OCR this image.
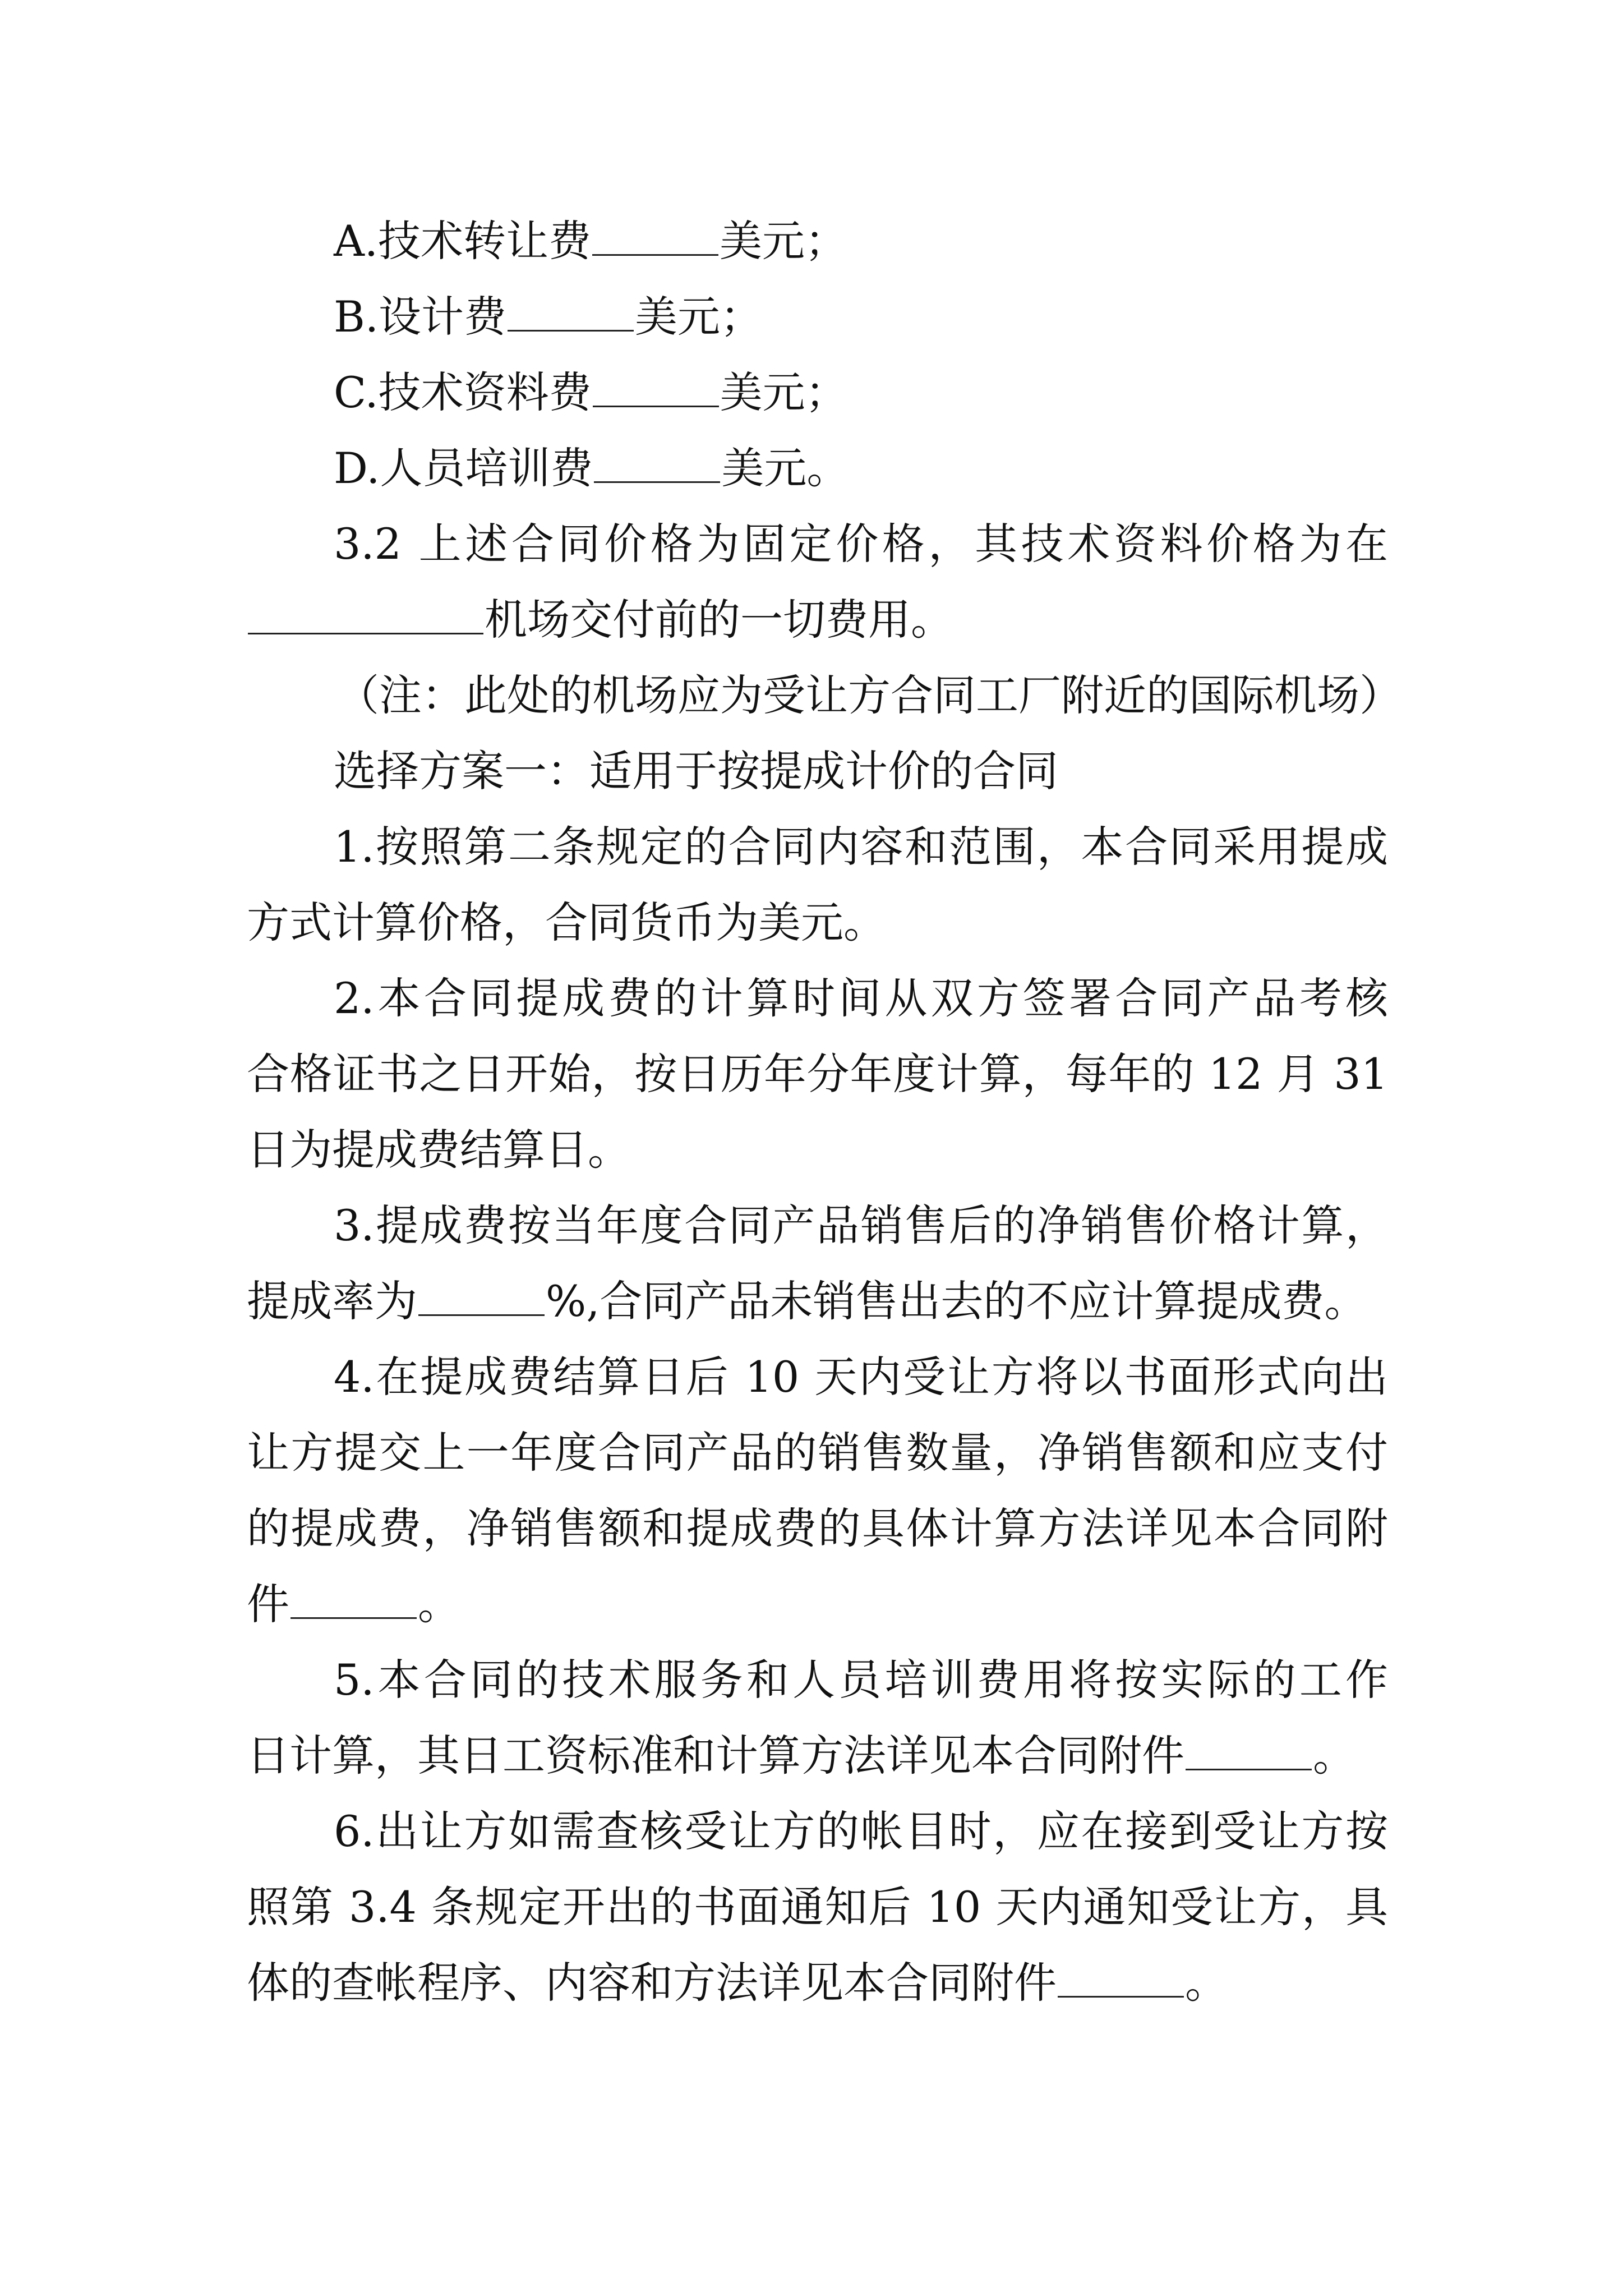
A.技术转让费	美元；

B.设计费	美元；

C.技术资料费	美元；

D.人员培训费	美元。

3.2 上述合同价格为固定价格，其技术资料价格为在

机场交付前的一切费用。

（注：此处的机场应为受让方合同工厂附近的国际机场）

选择方案一：适用于按提成计价的合同

1.按照第二条规定的合同内容和范围，本合同采用提成

方式计算价格，合同货币为美元。

2.本合同提成费的计算时间从双方签署合同产品考核

合格证书之日开始，按日历年分年度计算，每年的 12 月 31

日为提成费结算日。

3.提成费按当年度合同产品销售后的净销售价格计算，

提成率为	%,合同产品未销售出去的不应计算提成费。

4.在提成费结算日后 10 天内受让方将以书面形式向出

让方提交上一年度合同产品的销售数量，净销售额和应支付

的提成费，净销售额和提成费的具体计算方法详见本合同附

件	。

5.本合同的技术服务和人员培训费用将按实际的工作

日计算，其日工资标准和计算方法详见本合同附件	。

6.出让方如需查核受让方的帐目时，应在接到受让方按

照第 3.4 条规定开出的书面通知后 10 天内通知受让方，具

体的查帐程序、内容和方法详见本合同附件	。
